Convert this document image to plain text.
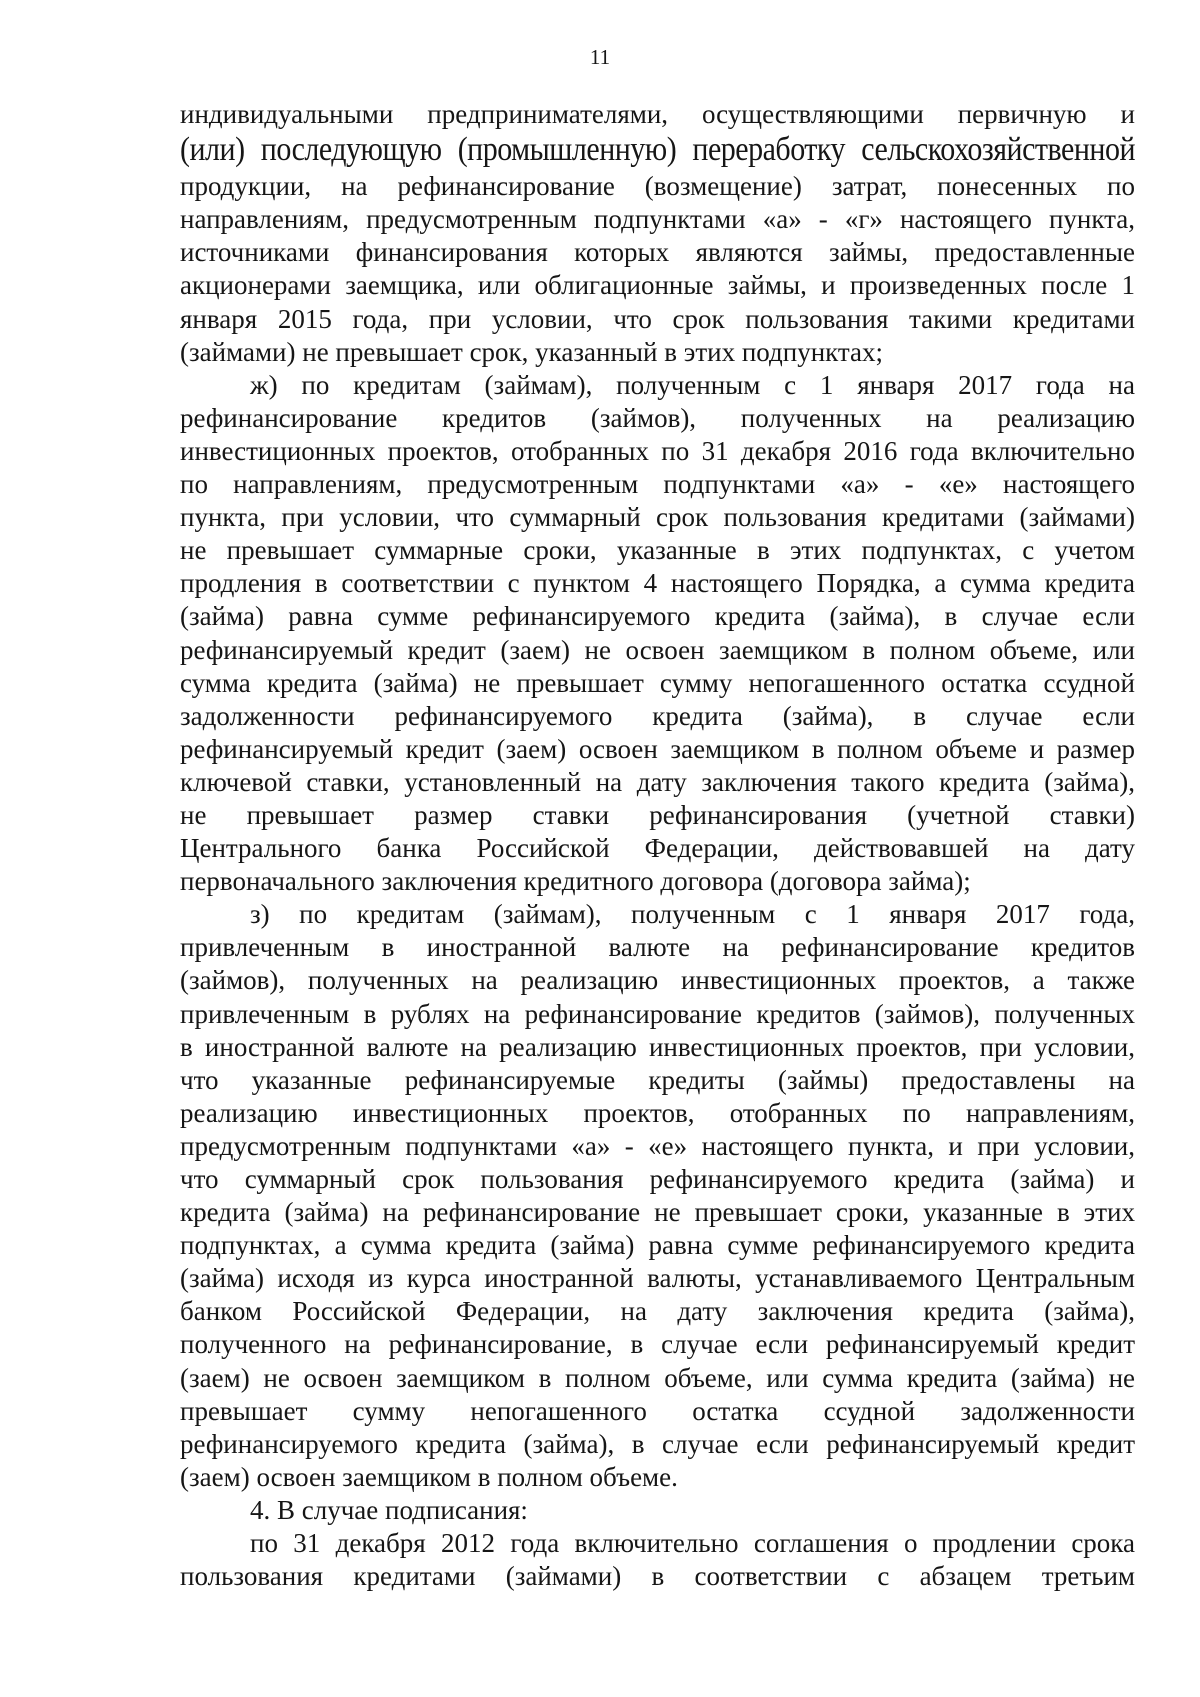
11
индивидуальными предпринимателями, осуществляющими первичную и
(или) последующую (промышленную) переработку сельскохозяйственной
продукции, на рефинансирование (возмещение) затрат, понесенных по
направлениям, предусмотренным подпунктами «а» - «г» настоящего пункта,
источниками финансирования которых являются займы, предоставленные
акционерами заемщика, или облигационные займы, и произведенных после 1
января 2015 года, при условии, что срок пользования такими кредитами
(займами) не превышает срок, указанный в этих подпунктах;
ж) по кредитам (займам), полученным с 1 января 2017 года на
рефинансирование кредитов (займов), полученных на реализацию
инвестиционных проектов, отобранных по 31 декабря 2016 года включительно
по направлениям, предусмотренным подпунктами «а» - «е» настоящего
пункта, при условии, что суммарный срок пользования кредитами (займами)
не превышает суммарные сроки, указанные в этих подпунктах, с учетом
продления в соответствии с пунктом 4 настоящего Порядка, а сумма кредита
(займа) равна сумме рефинансируемого кредита (займа), в случае если
рефинансируемый кредит (заем) не освоен заемщиком в полном объеме, или
сумма кредита (займа) не превышает сумму непогашенного остатка ссудной
задолженности рефинансируемого кредита (займа), в случае если
рефинансируемый кредит (заем) освоен заемщиком в полном объеме и размер
ключевой ставки, установленный на дату заключения такого кредита (займа),
не превышает размер ставки рефинансирования (учетной ставки)
Центрального банка Российской Федерации, действовавшей на дату
первоначального заключения кредитного договора (договора займа);
з) по кредитам (займам), полученным с 1 января 2017 года,
привлеченным в иностранной валюте на рефинансирование кредитов
(займов), полученных на реализацию инвестиционных проектов, а также
привлеченным в рублях на рефинансирование кредитов (займов), полученных
в иностранной валюте на реализацию инвестиционных проектов, при условии,
что указанные рефинансируемые кредиты (займы) предоставлены на
реализацию инвестиционных проектов, отобранных по направлениям,
предусмотренным подпунктами «а» - «е» настоящего пункта, и при условии,
что суммарный срок пользования рефинансируемого кредита (займа) и
кредита (займа) на рефинансирование не превышает сроки, указанные в этих
подпунктах, а сумма кредита (займа) равна сумме рефинансируемого кредита
(займа) исходя из курса иностранной валюты, устанавливаемого Центральным
банком Российской Федерации, на дату заключения кредита (займа),
полученного на рефинансирование, в случае если рефинансируемый кредит
(заем) не освоен заемщиком в полном объеме, или сумма кредита (займа) не
превышает сумму непогашенного остатка ссудной задолженности
рефинансируемого кредита (займа), в случае если рефинансируемый кредит
(заем) освоен заемщиком в полном объеме.
4. В случае подписания:
по 31 декабря 2012 года включительно соглашения о продлении срока
пользования кредитами (займами) в соответствии с абзацем третьим
